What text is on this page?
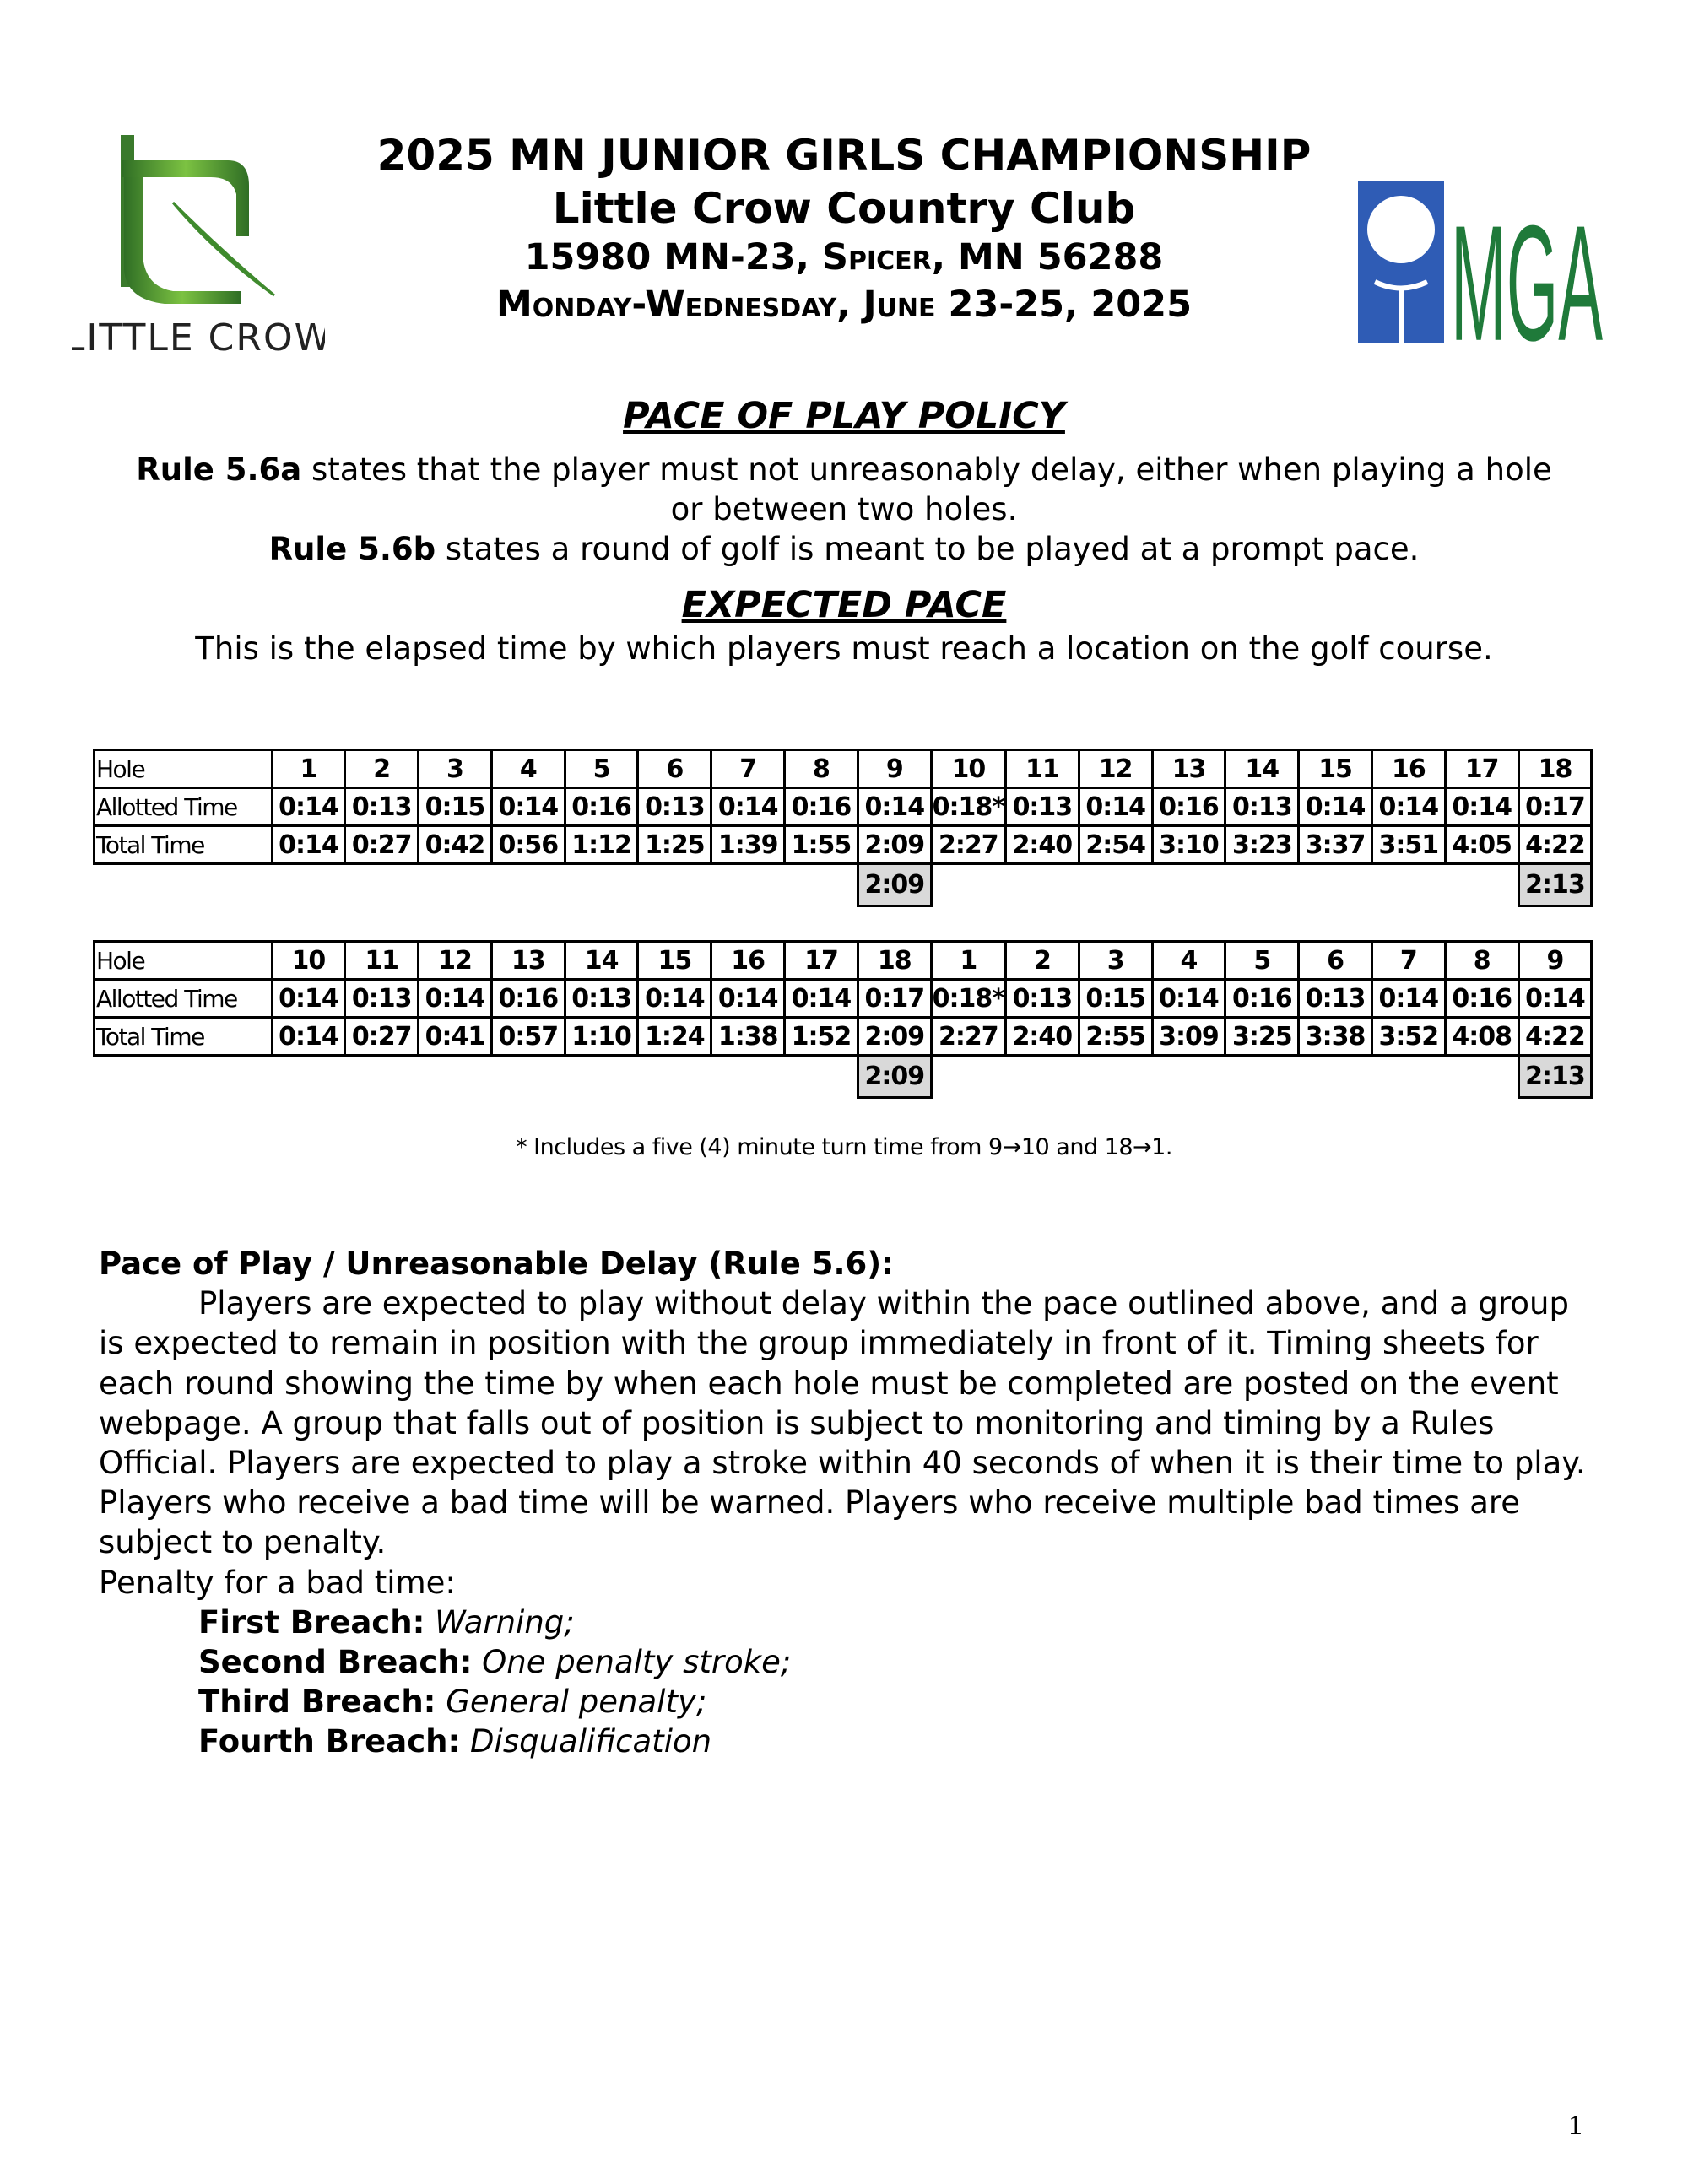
LITTLE CROW	MGA
2025 MN JUNIOR GIRLS CHAMPIONSHIP
Little Crow Country Club
15980 MN-23, Spicer, MN 56288
Monday-Wednesday, June 23-25, 2025
PACE OF PLAY POLICY
Rule 5.6a states that the player must not unreasonably delay, either when playing a hole or between two holes.
Rule 5.6b states a round of golf is meant to be played at a prompt pace.
EXPECTED PACE
This is the elapsed time by which players must reach a location on the golf course.
Hole	1	2	3	4	5	6	7	8	9	10	11	12	13	14	15	16	17	18
Allotted Time	0:14	0:13	0:15	0:14	0:16	0:13	0:14	0:16	0:14	0:18*	0:13	0:14	0:16	0:13	0:14	0:14	0:14	0:17
Total Time	0:14	0:27	0:42	0:56	1:12	1:25	1:39	1:55	2:09	2:27	2:40	2:54	3:10	3:23	3:37	3:51	4:05	4:22
									2:09									2:13
Hole	10	11	12	13	14	15	16	17	18	1	2	3	4	5	6	7	8	9
Allotted Time	0:14	0:13	0:14	0:16	0:13	0:14	0:14	0:14	0:17	0:18*	0:13	0:15	0:14	0:16	0:13	0:14	0:16	0:14
Total Time	0:14	0:27	0:41	0:57	1:10	1:24	1:38	1:52	2:09	2:27	2:40	2:55	3:09	3:25	3:38	3:52	4:08	4:22
									2:09									2:13
* Includes a five (4) minute turn time from 9→10 and 18→1.

Pace of Play / Unreasonable Delay (Rule 5.6):

Players are expected to play without delay within the pace outlined above, and a group is expected to remain in position with the group immediately in front of it. Timing sheets for each round showing the time by when each hole must be completed are posted on the event webpage. A group that falls out of position is subject to monitoring and timing by a Rules Official. Players are expected to play a stroke within 40 seconds of when it is their time to play. Players who receive a bad time will be warned. Players who receive multiple bad times are subject to penalty.

Penalty for a bad time:

First Breach: Warning;

Second Breach: One penalty stroke;

Third Breach: General penalty;

Fourth Breach: Disqualification

1
